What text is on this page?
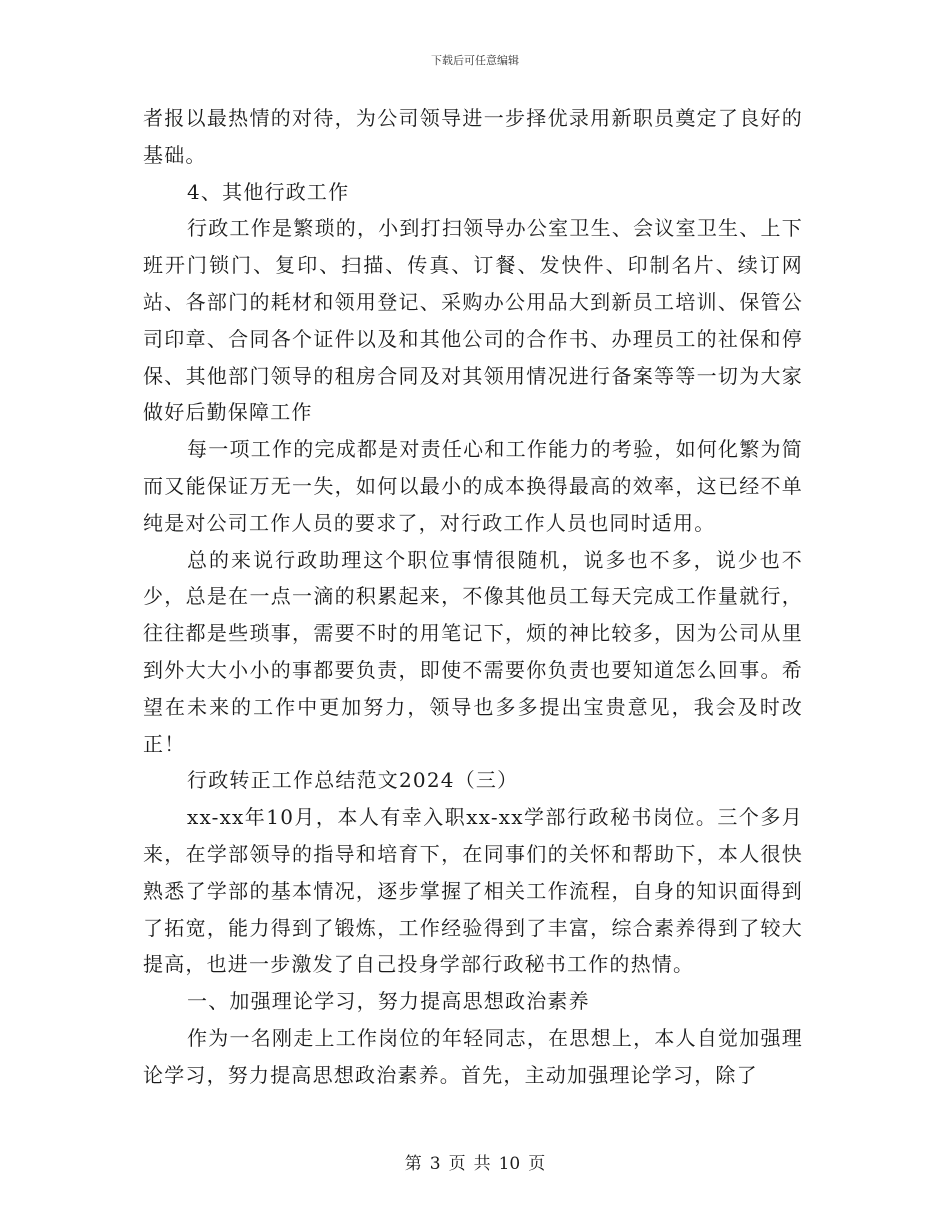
下载后可任意编辑

者报以最热情的对待，为公司领导进一步择优录用新职员奠定了良好的基础。

4、其他行政工作

行政工作是繁琐的，小到打扫领导办公室卫生、会议室卫生、上下班开门锁门、复印、扫描、传真、订餐、发快件、印制名片、续订网站、各部门的耗材和领用登记、采购办公用品大到新员工培训、保管公司印章、合同各个证件以及和其他公司的合作书、办理员工的社保和停保、其他部门领导的租房合同及对其领用情况进行备案等等一切为大家做好后勤保障工作

每一项工作的完成都是对责任心和工作能力的考验，如何化繁为简而又能保证万无一失，如何以最小的成本换得最高的效率，这已经不单纯是对公司工作人员的要求了，对行政工作人员也同时适用。

总的来说行政助理这个职位事情很随机，说多也不多，说少也不少，总是在一点一滴的积累起来，不像其他员工每天完成工作量就行，往往都是些琐事，需要不时的用笔记下，烦的神比较多，因为公司从里到外大大小小的事都要负责，即使不需要你负责也要知道怎么回事。希望在未来的工作中更加努力，领导也多多提出宝贵意见，我会及时改正！

行政转正工作总结范文2024（三）

xx-xx年10月，本人有幸入职xx-xx学部行政秘书岗位。三个多月来，在学部领导的指导和培育下，在同事们的关怀和帮助下，本人很快熟悉了学部的基本情况，逐步掌握了相关工作流程，自身的知识面得到了拓宽，能力得到了锻炼，工作经验得到了丰富，综合素养得到了较大提高，也进一步激发了自己投身学部行政秘书工作的热情。

一、加强理论学习，努力提高思想政治素养

作为一名刚走上工作岗位的年轻同志，在思想上，本人自觉加强理论学习，努力提高思想政治素养。首先，主动加强理论学习，除了

第 3 页 共 10 页
